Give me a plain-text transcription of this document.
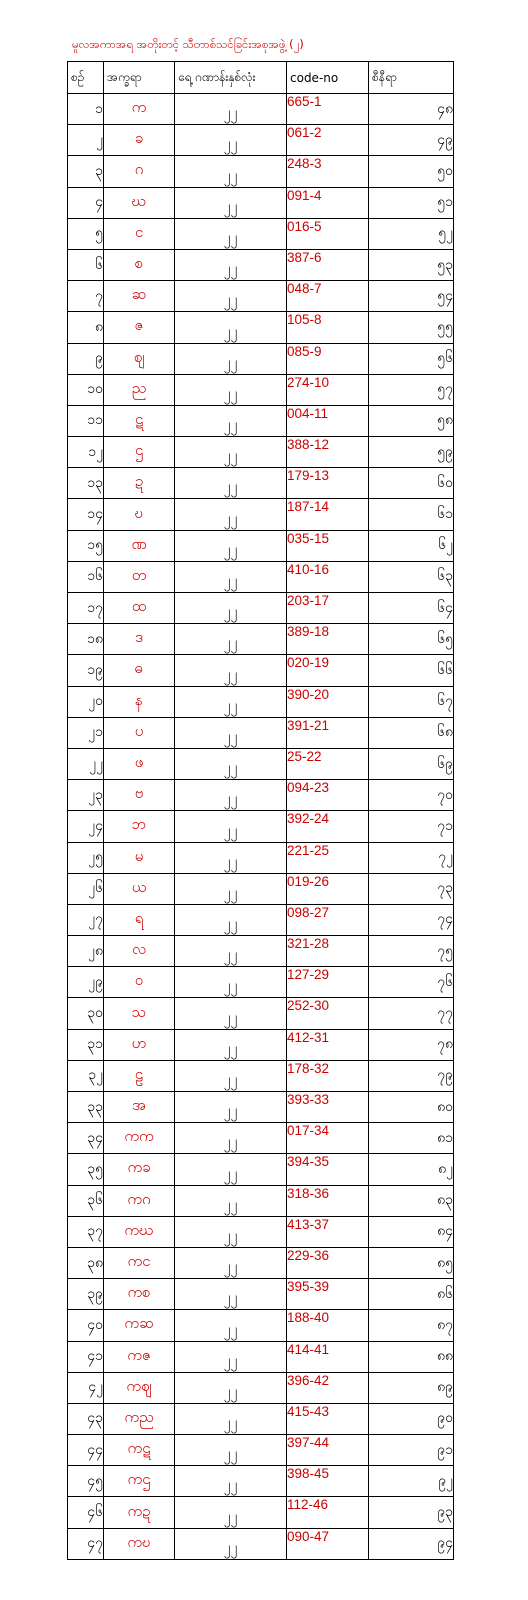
မူလအကာအရ အတိုးတင့် သီတာစ်သင်ခြင်းအစုအဖွဲ့ (၂)
စဉ်	အက္ခရာ	ရေ့ ဂဏာန်းနှစ်လုံး	code-no	စီနီရာ
၁	က	၂၂	665-1	၄၈
၂	ခ	၂၂	061-2	၄၉
၃	ဂ	၂၂	248-3	၅၀
၄	ဃ	၂၂	091-4	၅၁
၅	င	၂၂	016-5	၅၂
၆	စ	၂၂	387-6	၅၃
၇	ဆ	၂၂	048-7	၅၄
၈	ဇ	၂၂	105-8	၅၅
၉	ဈ	၂၂	085-9	၅၆
၁၀	ည	၂၂	274-10	၅၇
၁၁	ဋ	၂၂	004-11	၅၈
၁၂	ဌ	၂၂	388-12	၅၉
၁၃	ဍ	၂၂	179-13	၆၀
၁၄	ဎ	၂၂	187-14	၆၁
၁၅	ဏ	၂၂	035-15	၆၂
၁၆	တ	၂၂	410-16	၆၃
၁၇	ထ	၂၂	203-17	၆၄
၁၈	ဒ	၂၂	389-18	၆၅
၁၉	ဓ	၂၂	020-19	၆၆
၂၀	န	၂၂	390-20	၆၇
၂၁	ပ	၂၂	391-21	၆၈
၂၂	ဖ	၂၂	25-22	၆၉
၂၃	ဗ	၂၂	094-23	၇၀
၂၄	ဘ	၂၂	392-24	၇၁
၂၅	မ	၂၂	221-25	၇၂
၂၆	ယ	၂၂	019-26	၇၃
၂၇	ရ	၂၂	098-27	၇၄
၂၈	လ	၂၂	321-28	၇၅
၂၉	ဝ	၂၂	127-29	၇၆
၃၀	သ	၂၂	252-30	၇၇
၃၁	ဟ	၂၂	412-31	၇၈
၃၂	ဠ	၂၂	178-32	၇၉
၃၃	အ	၂၂	393-33	၈၀
၃၄	ကက	၂၂	017-34	၈၁
၃၅	ကခ	၂၂	394-35	၈၂
၃၆	ကဂ	၂၂	318-36	၈၃
၃၇	ကဃ	၂၂	413-37	၈၄
၃၈	ကင	၂၂	229-36	၈၅
၃၉	ကစ	၂၂	395-39	၈၆
၄၀	ကဆ	၂၂	188-40	၈၇
၄၁	ကဇ	၂၂	414-41	၈၈
၄၂	ကဈ	၂၂	396-42	၈၉
၄၃	ကည	၂၂	415-43	၉၀
၄၄	ကဋ	၂၂	397-44	၉၁
၄၅	ကဌ	၂၂	398-45	၉၂
၄၆	ကဍ	၂၂	112-46	၉၃
၄၇	ကဎ	၂၂	090-47	၉၄
